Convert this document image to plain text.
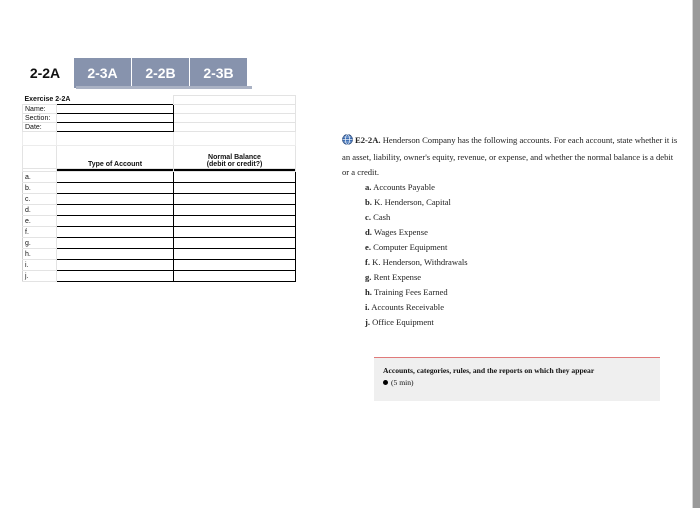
2-2A	2-3A	2-2B	2-3B
Exercise 2-2A		
Name:		
Section:		
Date:		

	Type of Account	Normal Balance
(debit or credit?)

a.		
b.		
c.		
d.		
e.		
f.		
g.		
h.		
i.		
j.		
E2-2A. Henderson Company has the following accounts. For each account, state whether it is an asset, liability, owner's equity, revenue, or expense, and whether the normal balance is a debit or a credit.
a. Accounts Payable
b. K. Henderson, Capital
c. Cash
d. Wages Expense
e. Computer Equipment
f. K. Henderson, Withdrawals
g. Rent Expense
h. Training Fees Earned
i. Accounts Receivable
j. Office Equipment
Accounts, categories, rules, and the reports on which they appear
(5 min)
